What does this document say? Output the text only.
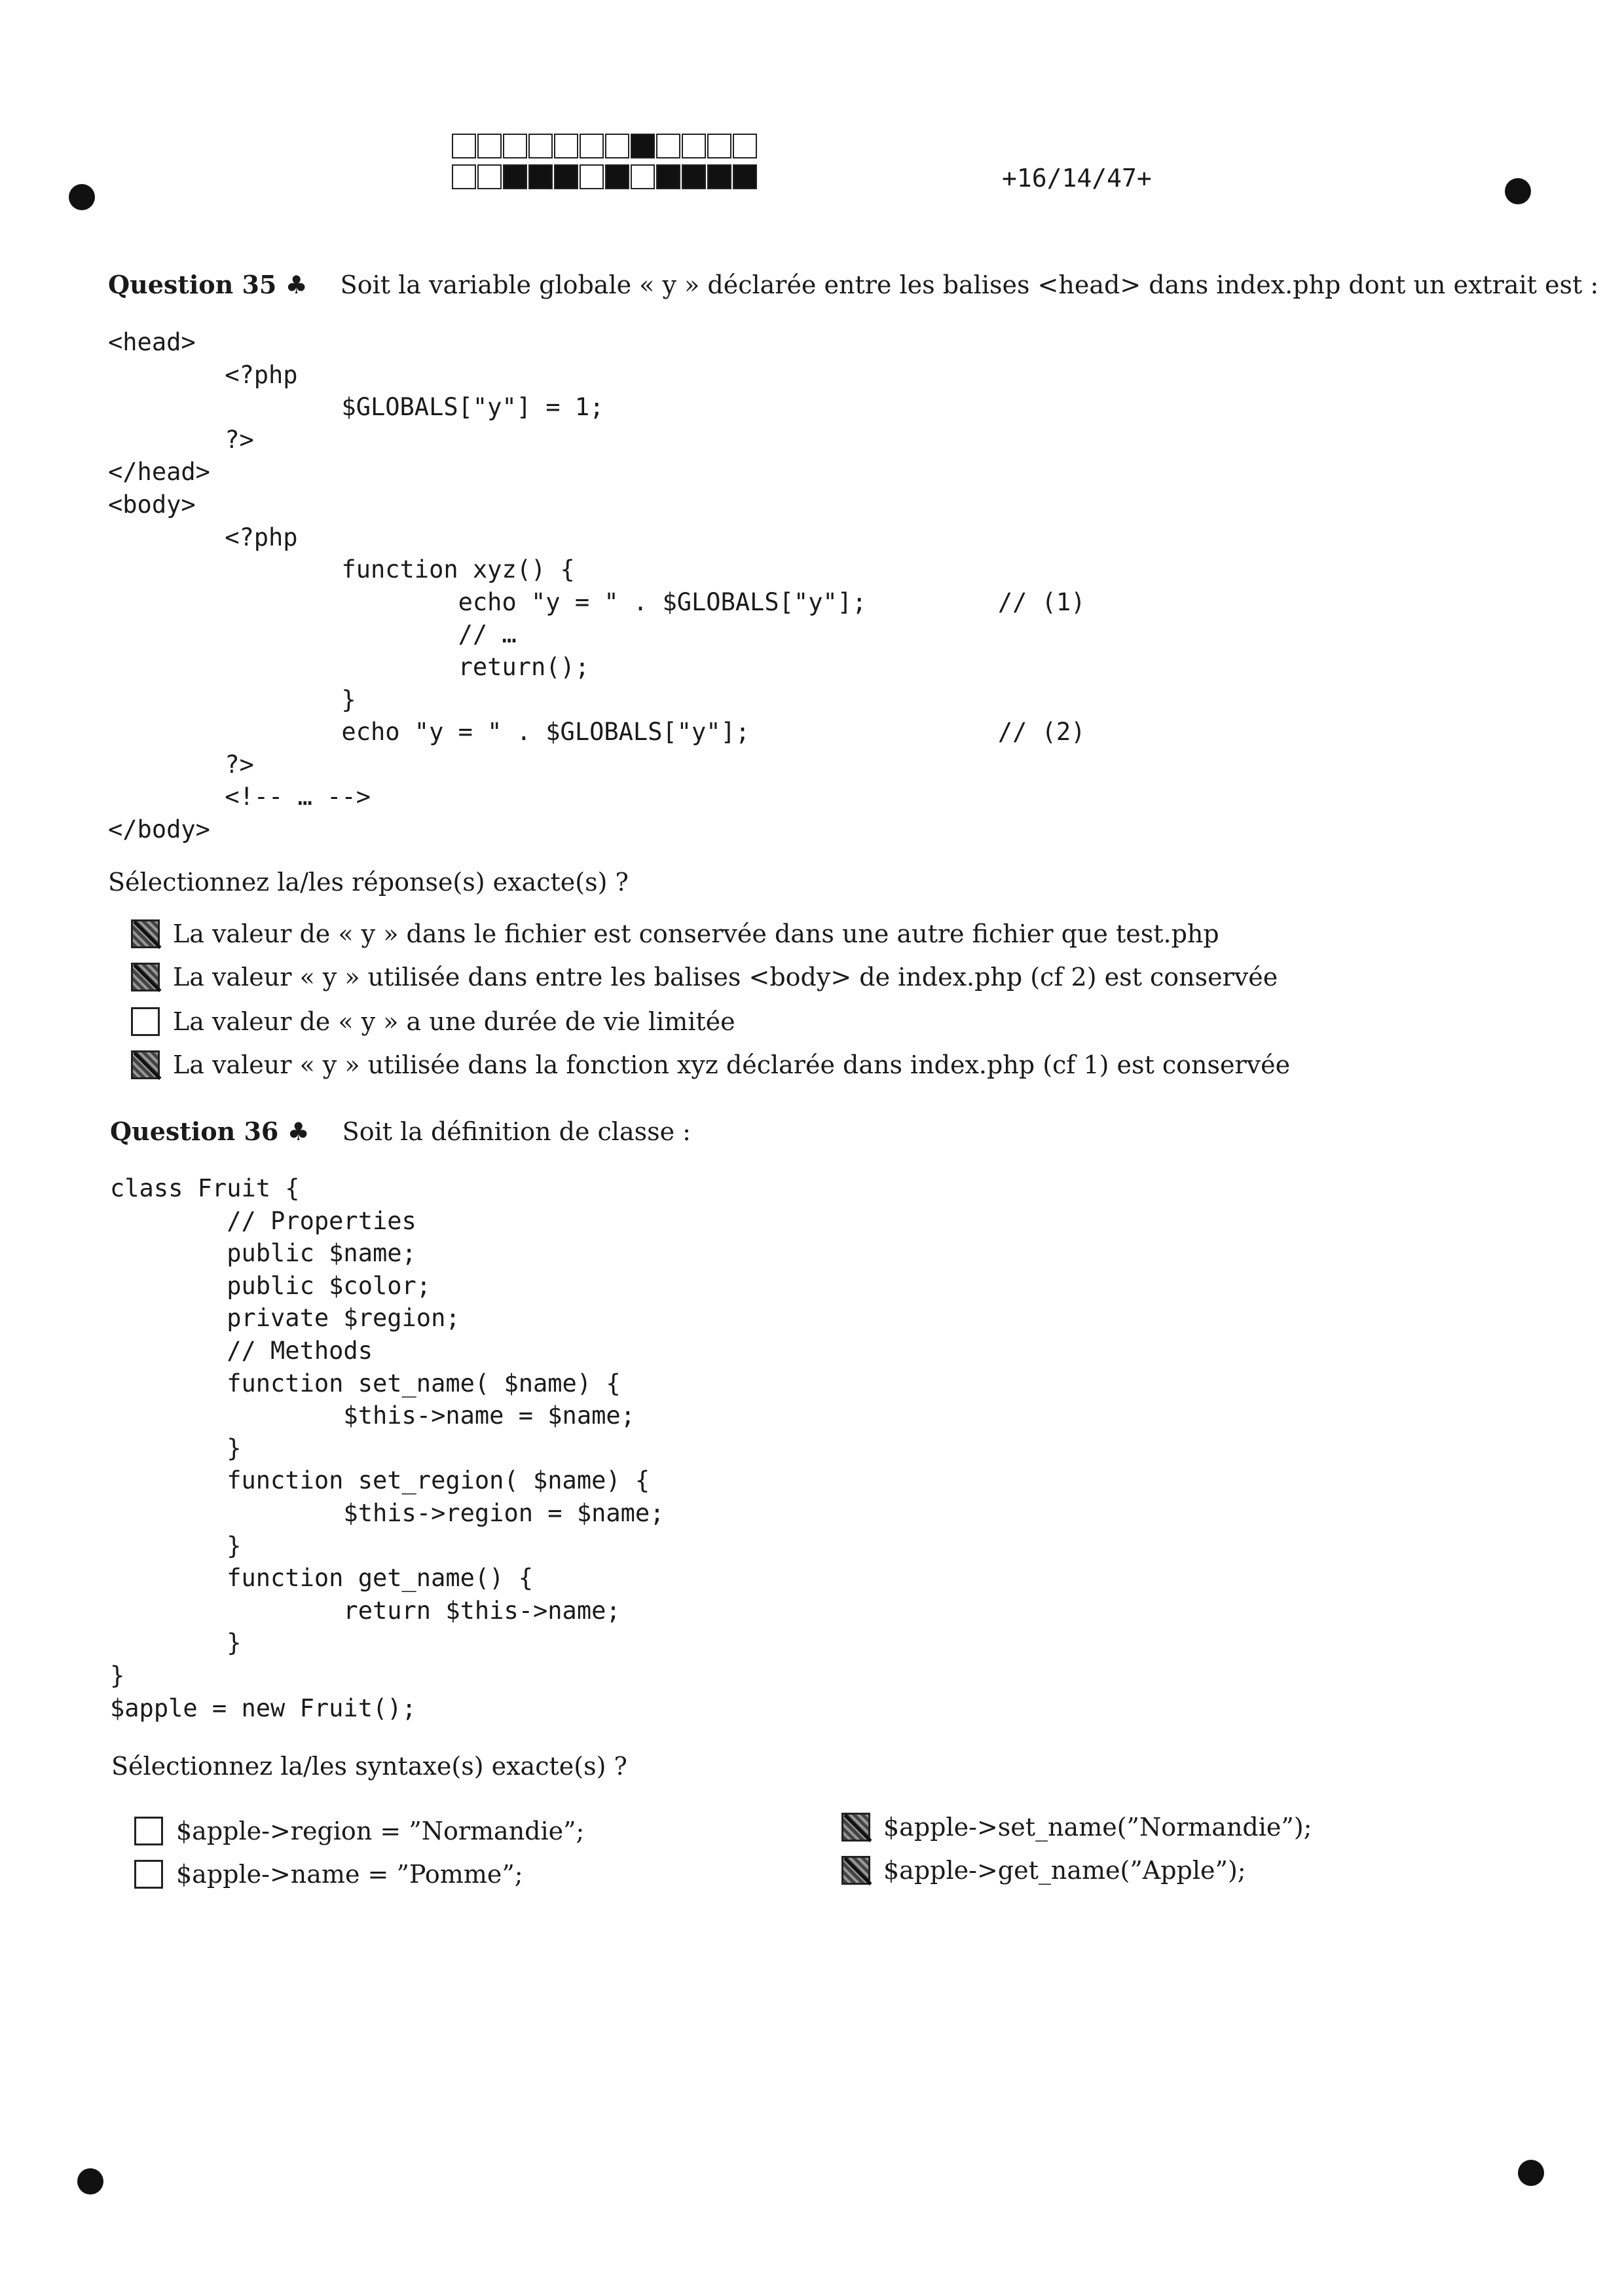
+16/14/47+
Question 35 ♣ Soit la variable globale « y » déclarée entre les balises <head> dans index.php dont un extrait est :
<head>
<?php
$GLOBALS["y"] = 1;
?>
</head>
<body>
<?php
function xyz() {
echo "y = " . $GLOBALS["y"];         // (1)
// …
return();
}
echo "y = " . $GLOBALS["y"];                 // (2)
?>
<!-- … -->
</body>
Sélectionnez la/les réponse(s) exacte(s) ?
La valeur de « y » dans le fichier est conservée dans une autre fichier que test.php
La valeur « y » utilisée dans entre les balises <body> de index.php (cf 2) est conservée
La valeur de « y » a une durée de vie limitée
La valeur « y » utilisée dans la fonction xyz déclarée dans index.php (cf 1) est conservée
Question 36 ♣ Soit la définition de classe :
class Fruit {
// Properties
public $name;
public $color;
private $region;
// Methods
function set_name( $name) {
$this->name = $name;
}
function set_region( $name) {
$this->region = $name;
}
function get_name() {
return $this->name;
}
}
$apple = new Fruit();
Sélectionnez la/les syntaxe(s) exacte(s) ?
$apple->region = ”Normandie”;
$apple->name = ”Pomme”;
$apple->set_name(”Normandie”);
$apple->get_name(”Apple”);
